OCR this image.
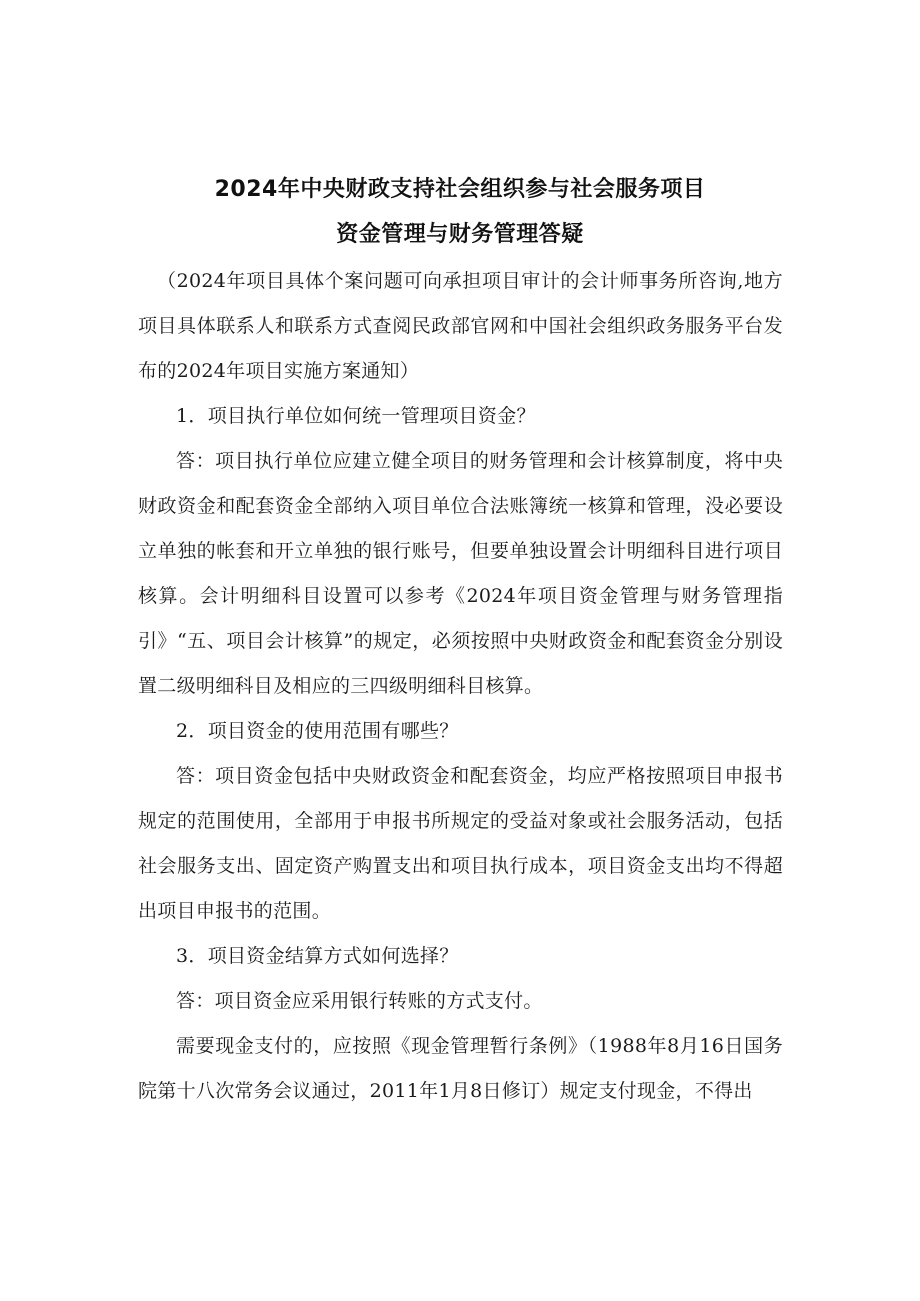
2024年中央财政支持社会组织参与社会服务项目
资金管理与财务管理答疑

（2024年项目具体个案问题可向承担项目审计的会计师事务所咨询,地方项目具体联系人和联系方式查阅民政部官网和中国社会组织政务服务平台发布的2024年项目实施方案通知）

1．项目执行单位如何统一管理项目资金？

答：项目执行单位应建立健全项目的财务管理和会计核算制度，将中央财政资金和配套资金全部纳入项目单位合法账簿统一核算和管理，没必要设立单独的帐套和开立单独的银行账号，但要单独设置会计明细科目进行项目核算。会计明细科目设置可以参考《2024年项目资金管理与财务管理指引》“五、项目会计核算”的规定，必须按照中央财政资金和配套资金分别设置二级明细科目及相应的三四级明细科目核算。

2．项目资金的使用范围有哪些？

答：项目资金包括中央财政资金和配套资金，均应严格按照项目申报书规定的范围使用，全部用于申报书所规定的受益对象或社会服务活动，包括社会服务支出、固定资产购置支出和项目执行成本，项目资金支出均不得超出项目申报书的范围。

3．项目资金结算方式如何选择？

答：项目资金应采用银行转账的方式支付。

需要现金支付的，应按照《现金管理暂行条例》（1988年8月16日国务院第十八次常务会议通过，2011年1月8日修订）规定支付现金，不得出
